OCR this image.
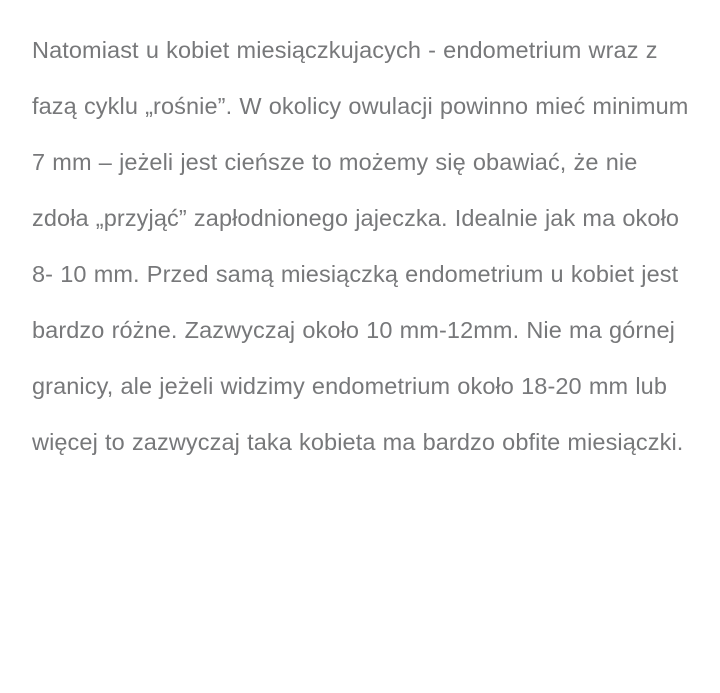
Natomiast u kobiet miesiączkujacych - endometrium wraz z fazą cyklu „rośnie”. W okolicy owulacji powinno mieć minimum 7 mm – jeżeli jest cieńsze to możemy się obawiać, że nie zdoła „przyjąć” zapłodnionego jajeczka. Idealnie jak ma około 8- 10 mm. Przed samą miesiączką endometrium u kobiet jest bardzo różne. Zazwyczaj około 10 mm-12mm. Nie ma górnej granicy, ale jeżeli widzimy endometrium około 18-20 mm lub więcej to zazwyczaj taka kobieta ma bardzo obfite miesiączki.
